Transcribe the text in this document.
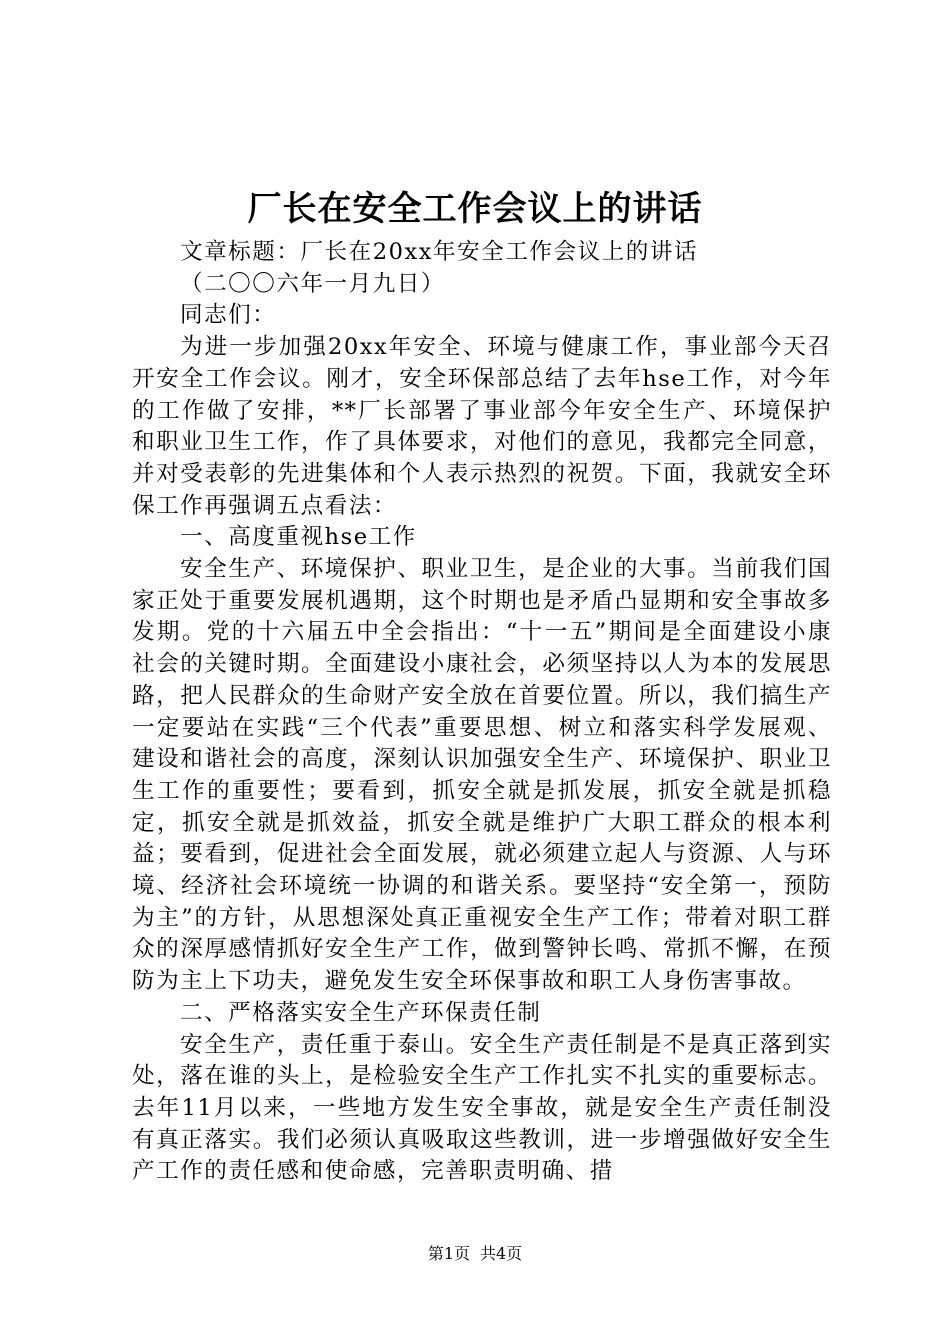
厂长在安全工作会议上的讲话

文章标题：厂长在20xx年安全工作会议上的讲话

（二〇〇六年一月九日）

同志们：

为进一步加强20xx年安全、环境与健康工作，事业部今天召开安全工作会议。刚才，安全环保部总结了去年hse工作，对今年的工作做了安排，**厂长部署了事业部今年安全生产、环境保护和职业卫生工作，作了具体要求，对他们的意见，我都完全同意，并对受表彰的先进集体和个人表示热烈的祝贺。下面，我就安全环保工作再强调五点看法：

一、高度重视hse工作

安全生产、环境保护、职业卫生，是企业的大事。当前我们国家正处于重要发展机遇期，这个时期也是矛盾凸显期和安全事故多发期。党的十六届五中全会指出：“十一五”期间是全面建设小康社会的关键时期。全面建设小康社会，必须坚持以人为本的发展思路，把人民群众的生命财产安全放在首要位置。所以，我们搞生产一定要站在实践“三个代表”重要思想、树立和落实科学发展观、建设和谐社会的高度，深刻认识加强安全生产、环境保护、职业卫生工作的重要性；要看到，抓安全就是抓发展，抓安全就是抓稳定，抓安全就是抓效益，抓安全就是维护广大职工群众的根本利益；要看到，促进社会全面发展，就必须建立起人与资源、人与环境、经济社会环境统一协调的和谐关系。要坚持“安全第一，预防为主”的方针，从思想深处真正重视安全生产工作；带着对职工群众的深厚感情抓好安全生产工作，做到警钟长鸣、常抓不懈，在预防为主上下功夫，避免发生安全环保事故和职工人身伤害事故。

二、严格落实安全生产环保责任制

安全生产，责任重于泰山。安全生产责任制是不是真正落到实处，落在谁的头上，是检验安全生产工作扎实不扎实的重要标志。去年11月以来，一些地方发生安全事故，就是安全生产责任制没有真正落实。我们必须认真吸取这些教训，进一步增强做好安全生产工作的责任感和使命感，完善职责明确、措

第1页 共4页
